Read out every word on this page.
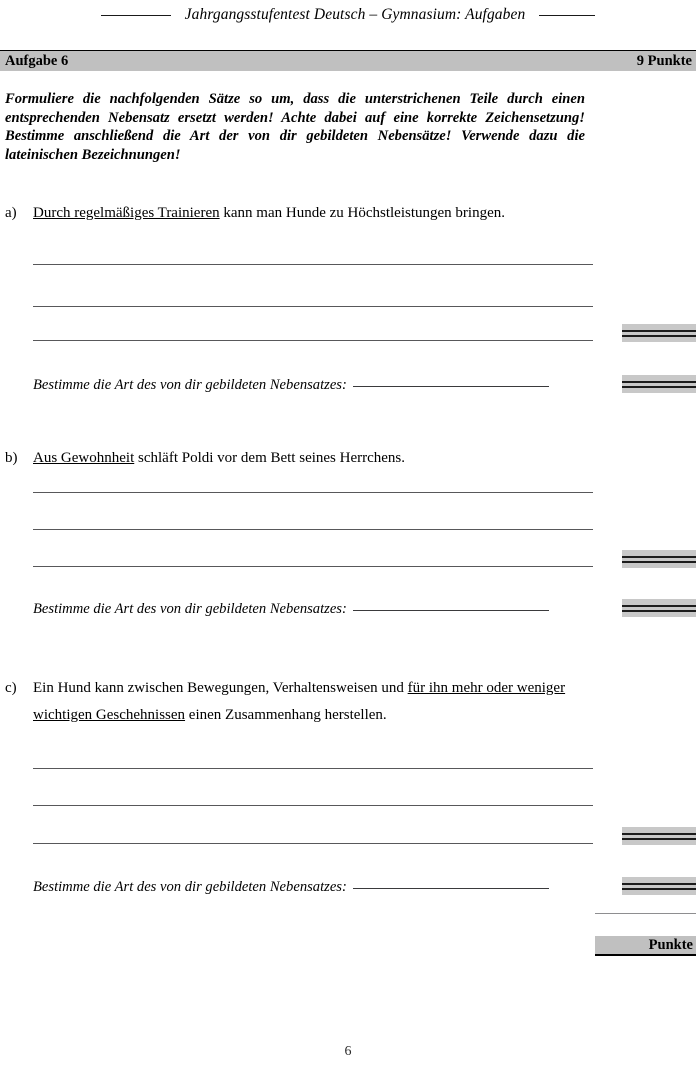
Jahrgangsstufentest Deutsch – Gymnasium: Aufgaben
Aufgabe 6	9 Punkte
Formuliere die nachfolgenden Sätze so um, dass die unterstrichenen Teile durch einen entsprechenden Nebensatz ersetzt werden! Achte dabei auf eine korrekte Zeichensetzung! Bestimme anschließend die Art der von dir gebildeten Nebensätze! Verwende dazu die lateinischen Bezeichnungen!
a)	Durch regelmäßiges Trainieren kann man Hunde zu Höchstleistungen bringen.
Bestimme die Art des von dir gebildeten Nebensatzes:
b)	Aus Gewohnheit schläft Poldi vor dem Bett seines Herrchens.
Bestimme die Art des von dir gebildeten Nebensatzes:
c)	Ein Hund kann zwischen Bewegungen, Verhaltensweisen und für ihn mehr oder weniger wichtigen Geschehnissen einen Zusammenhang herstellen.
Bestimme die Art des von dir gebildeten Nebensatzes:
Punkte
6
